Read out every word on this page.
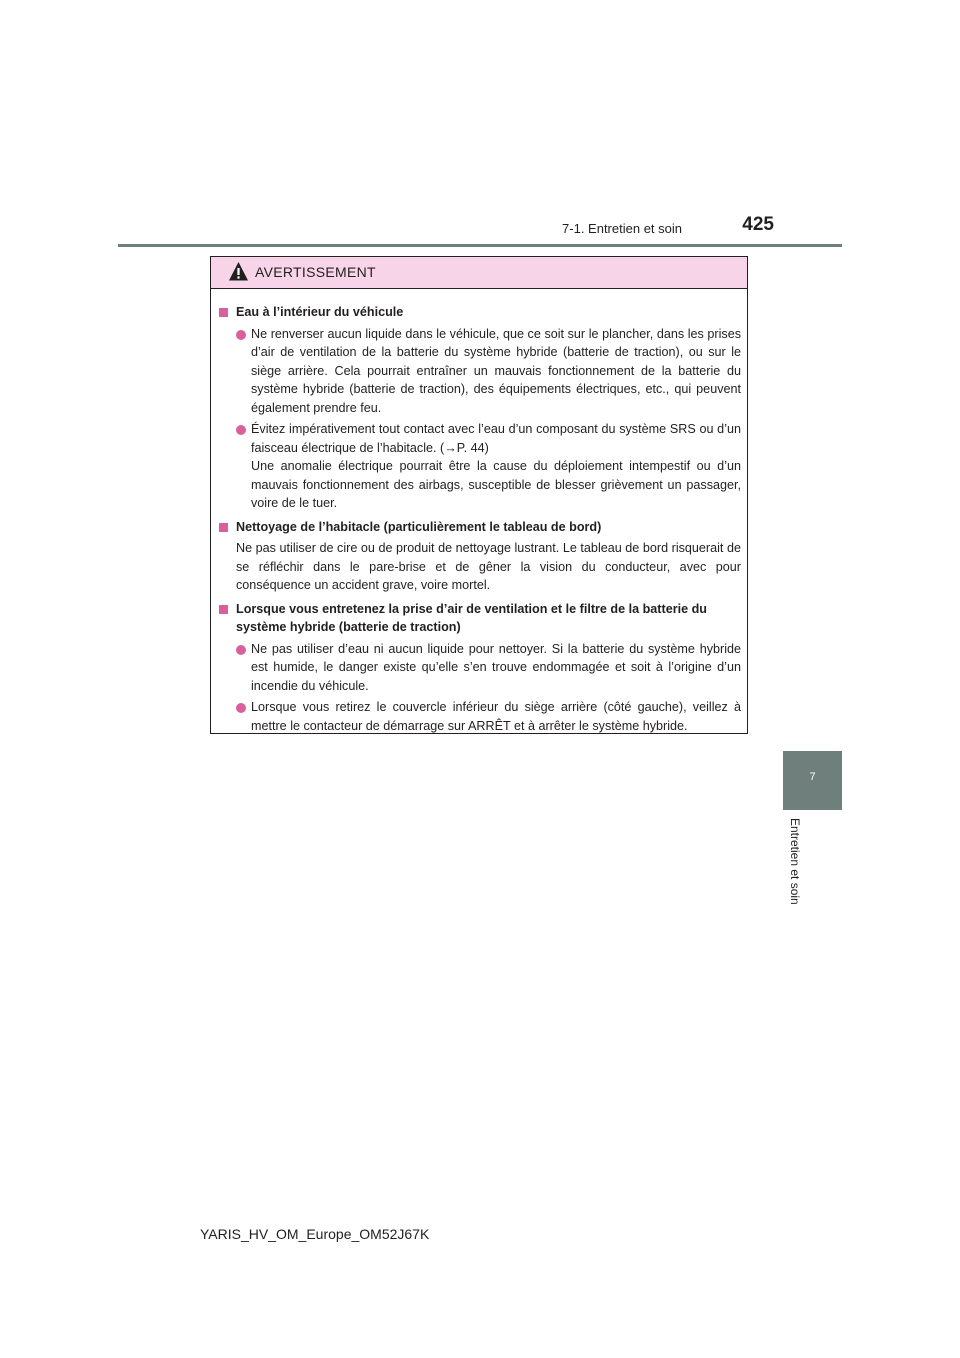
7-1. Entretien et soin	425
7
Entretien et soin
AVERTISSEMENT
Eau à l’intérieur du véhicule
Ne renverser aucun liquide dans le véhicule, que ce soit sur le plancher, dans les prises d’air de ventilation de la batterie du système hybride (batterie de traction), ou sur le siège arrière. Cela pourrait entraîner un mauvais fonctionnement de la batterie du système hybride (batterie de traction), des équipements électriques, etc., qui peuvent également prendre feu.
Évitez impérativement tout contact avec l’eau d’un composant du système SRS ou d’un faisceau électrique de l’habitacle. (→P. 44)
Une anomalie électrique pourrait être la cause du déploiement intempestif ou d’un mauvais fonctionnement des airbags, susceptible de blesser grièvement un passager, voire de le tuer.
Nettoyage de l’habitacle (particulièrement le tableau de bord)
Ne pas utiliser de cire ou de produit de nettoyage lustrant. Le tableau de bord risquerait de se réfléchir dans le pare-brise et de gêner la vision du conducteur, avec pour conséquence un accident grave, voire mortel.
Lorsque vous entretenez la prise d’air de ventilation et le filtre de la batterie du système hybride (batterie de traction)
Ne pas utiliser d’eau ni aucun liquide pour nettoyer. Si la batterie du système hybride est humide, le danger existe qu’elle s’en trouve endommagée et soit à l’origine d’un incendie du véhicule.
Lorsque vous retirez le couvercle inférieur du siège arrière (côté gauche), veillez à mettre le contacteur de démarrage sur ARRÊT et à arrêter le système hybride.
YARIS_HV_OM_Europe_OM52J67K
